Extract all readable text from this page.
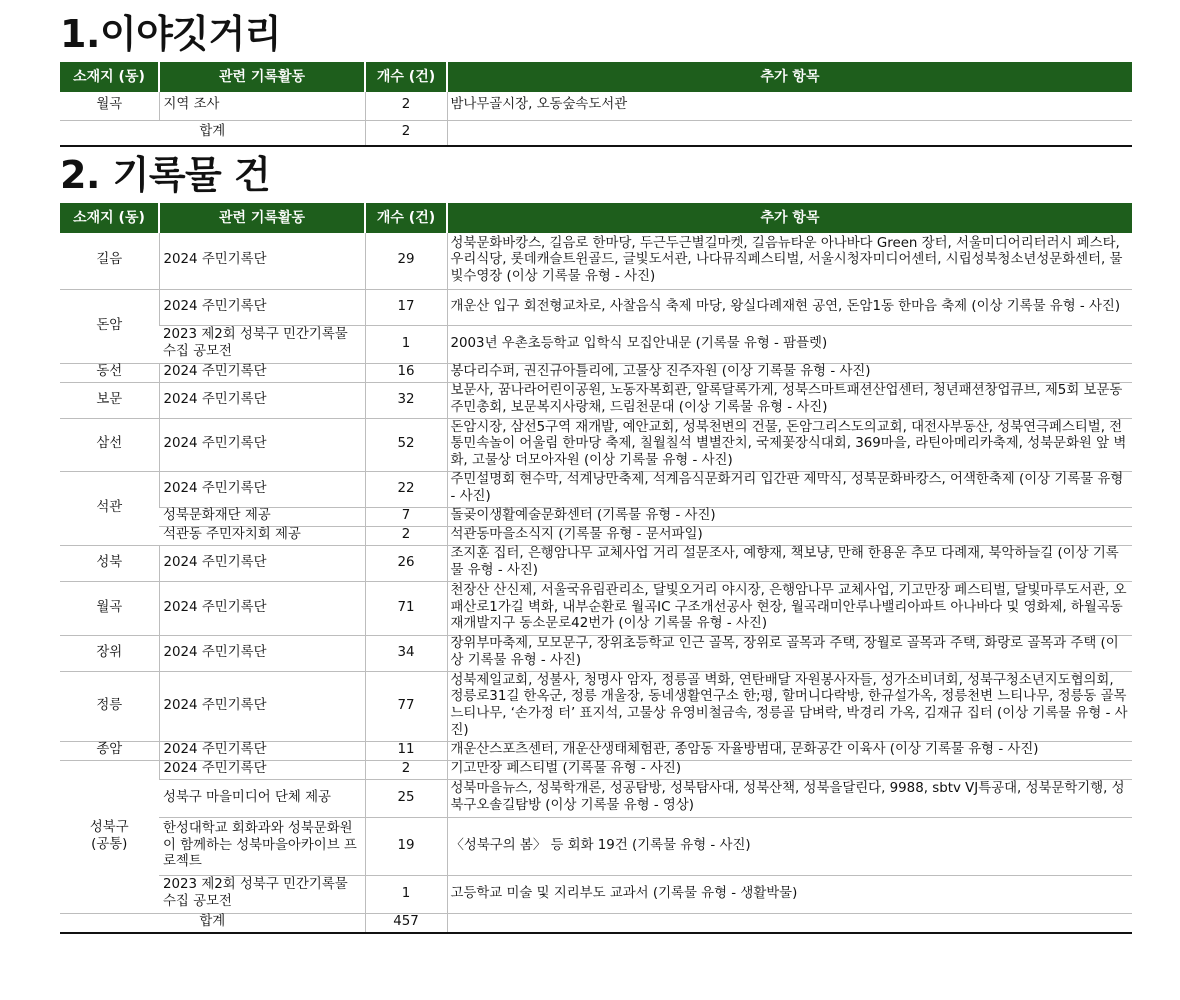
1.이야깃거리
소재지 (동)	관련 기록활동	개수 (건)	추가 항목
월곡	지역 조사	2	밤나무골시장, 오동숲속도서관
합계		2	
2. 기록물 건
소재지 (동)	관련 기록활동	개수 (건)	추가 항목
길음	2024 주민기록단	29	성북문화바캉스, 길음로 한마당, 두근두근별길마켓, 길음뉴타운 아나바다 Green 장터, 서울미디어리터러시 페스타, 우리식당, 롯데캐슬트윈골드, 글빛도서관, 나다뮤직페스티벌, 서울시청자미디어센터, 시립성북청소년성문화센터, 물빛수영장 (이상 기록물 유형 - 사진)
돈암	2024 주민기록단	17	개운산 입구 회전형교차로, 사찰음식 축제 마당, 왕실다례재현 공연, 돈암1동 한마음 축제 (이상 기록물 유형 - 사진)
	2023 제2회 성북구 민간기록물 수집 공모전	1	2003년 우촌초등학교 입학식 모집안내문 (기록물 유형 - 팜플렛)
동선	2024 주민기록단	16	봉다리수퍼, 권진규아틀리에, 고물상 진주자원 (이상 기록물 유형 - 사진)
보문	2024 주민기록단	32	보문사, 꿈나라어린이공원, 노동자복회관, 알록달록가게, 성북스마트패션산업센터, 청년패션창업큐브, 제5회 보문동 주민총회, 보문복지사랑채, 드림천문대 (이상 기록물 유형 - 사진)
삼선	2024 주민기록단	52	돈암시장, 삼선5구역 재개발, 예안교회, 성북천변의 건물, 돈암그리스도의교회, 대전사부동산, 성북연극페스티벌, 전통민속놀이 어울림 한마당 축제, 칠월칠석 별별잔치, 국제꽃장식대회, 369마을, 라틴아메리카축제, 성북문화원 앞 벽화, 고물상 더모아자원 (이상 기록물 유형 - 사진)
석관	2024 주민기록단	22	주민설명회 현수막, 석계낭만축제, 석계음식문화거리 입간판 제막식, 성북문화바캉스, 어색한축제 (이상 기록물 유형 - 사진)
	성북문화재단 제공	7	돌곶이생활예술문화센터 (기록물 유형 - 사진)
	석관동 주민자치회 제공	2	석관동마을소식지 (기록물 유형 - 문서파일)
성북	2024 주민기록단	26	조지훈 집터, 은행암나무 교체사업 거리 설문조사, 예향재, 책보냥, 만해 한용운 추모 다례재, 북악하늘길 (이상 기록물 유형 - 사진)
월곡	2024 주민기록단	71	천장산 산신제, 서울국유림관리소, 달빛오거리 야시장, 은행암나무 교체사업, 기고만장 페스티벌, 달빛마루도서관, 오패산로1가길 벽화, 내부순환로 월곡IC 구조개선공사 현장, 월곡래미안루나밸리아파트 아나바다 및 영화제, 하월곡동 재개발지구 동소문로42번가 (이상 기록물 유형 - 사진)
장위	2024 주민기록단	34	장위부마축제, 모모문구, 장위초등학교 인근 골목, 장위로 골목과 주택, 장월로 골목과 주택, 화랑로 골목과 주택 (이상 기록물 유형 - 사진)
정릉	2024 주민기록단	77	성북제일교회, 성불사, 청명사 암자, 정릉골 벽화, 연탄배달 자원봉사자들, 성가소비녀회, 성북구청소년지도협의회, 정릉로31길 한옥군, 정릉 개울장, 동네생활연구소 한;평, 할머니다락방, 한규설가옥, 정릉천변 느티나무, 정릉동 골목 느티나무, ‘손가정 터’ 표지석, 고물상 유영비철금속, 정릉골 담벼락, 박경리 가옥, 김재규 집터 (이상 기록물 유형 - 사진)
종암	2024 주민기록단	11	개운산스포츠센터, 개운산생태체험관, 종암동 자율방범대, 문화공간 이육사 (이상 기록물 유형 - 사진)
성북구
(공통)	2024 주민기록단	2	기고만장 페스티벌 (기록물 유형 - 사진)
	성북구 마을미디어 단체 제공	25	성북마을뉴스, 성북학개론, 성공탐방, 성북탐사대, 성북산책, 성북을달린다, 9988, sbtv VJ특공대, 성북문학기행, 성북구오솔길탐방 (이상 기록물 유형 - 영상)
	한성대학교 회화과와 성북문화원이 함께하는 성북마을아카이브 프로젝트	19	〈성북구의 봄〉 등 회화 19건 (기록물 유형 - 사진)
	2023 제2회 성북구 민간기록물 수집 공모전	1	고등학교 미술 및 지리부도 교과서 (기록물 유형 - 생활박물)
합계		457	
